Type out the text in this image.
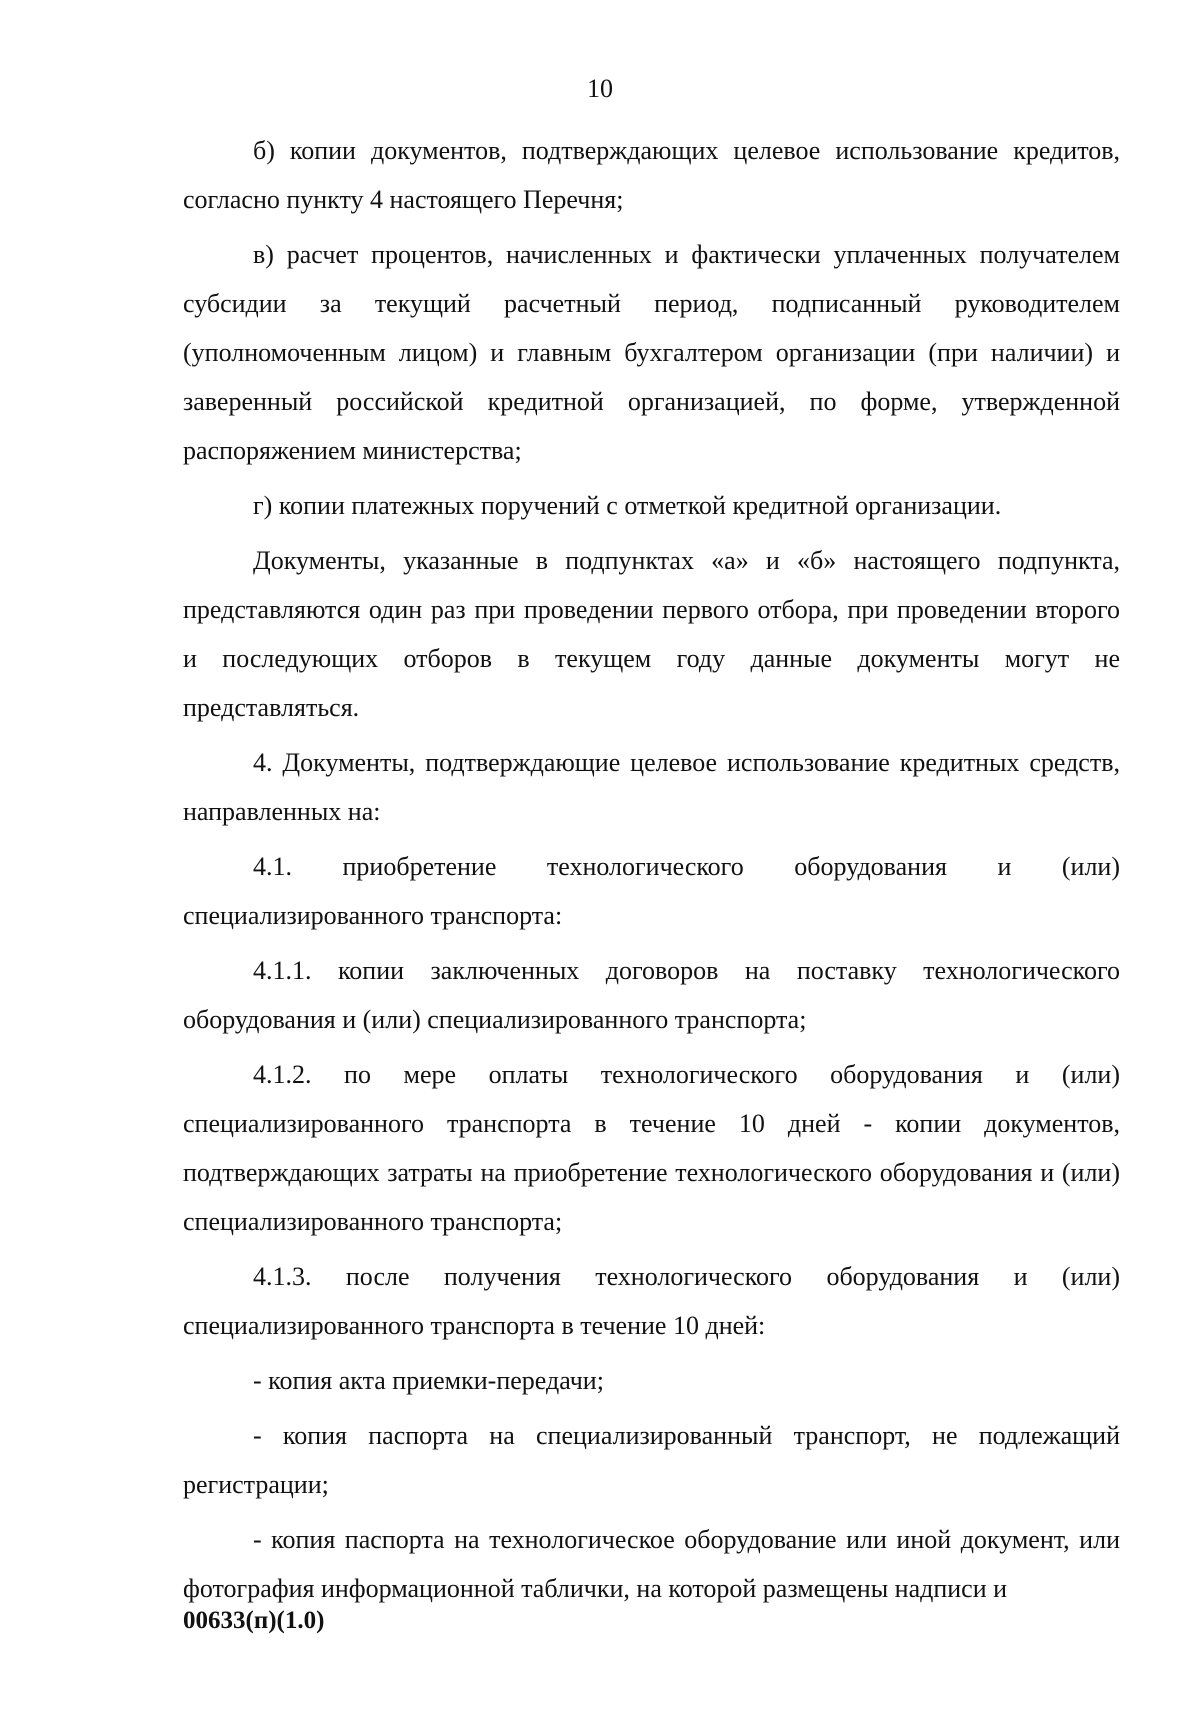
10

б) копии документов, подтверждающих целевое использование кредитов, согласно пункту 4 настоящего Перечня;

в) расчет процентов, начисленных и фактически уплаченных получателем субсидии за текущий расчетный период, подписанный руководителем (уполномоченным лицом) и главным бухгалтером организации (при наличии) и заверенный российской кредитной организацией, по форме, утвержденной распоряжением министерства;

г) копии платежных поручений с отметкой кредитной организации.

Документы, указанные в подпунктах «а» и «б» настоящего подпункта, представляются один раз при проведении первого отбора, при проведении второго и последующих отборов в текущем году данные документы могут не представляться.

4. Документы, подтверждающие целевое использование кредитных средств, направленных на:

4.1. приобретение технологического оборудования и (или) специализированного транспорта:

4.1.1. копии заключенных договоров на поставку технологического оборудования и (или) специализированного транспорта;

4.1.2. по мере оплаты технологического оборудования и (или) специализированного транспорта в течение 10 дней - копии документов, подтверждающих затраты на приобретение технологического оборудования и (или) специализированного транспорта;

4.1.3. после получения технологического оборудования и (или) специализированного транспорта в течение 10 дней:

- копия акта приемки-передачи;

- копия паспорта на специализированный транспорт, не подлежащий регистрации;

- копия паспорта на технологическое оборудование или иной документ, или фотография информационной таблички, на которой размещены надписи и

00633(п)(1.0)
